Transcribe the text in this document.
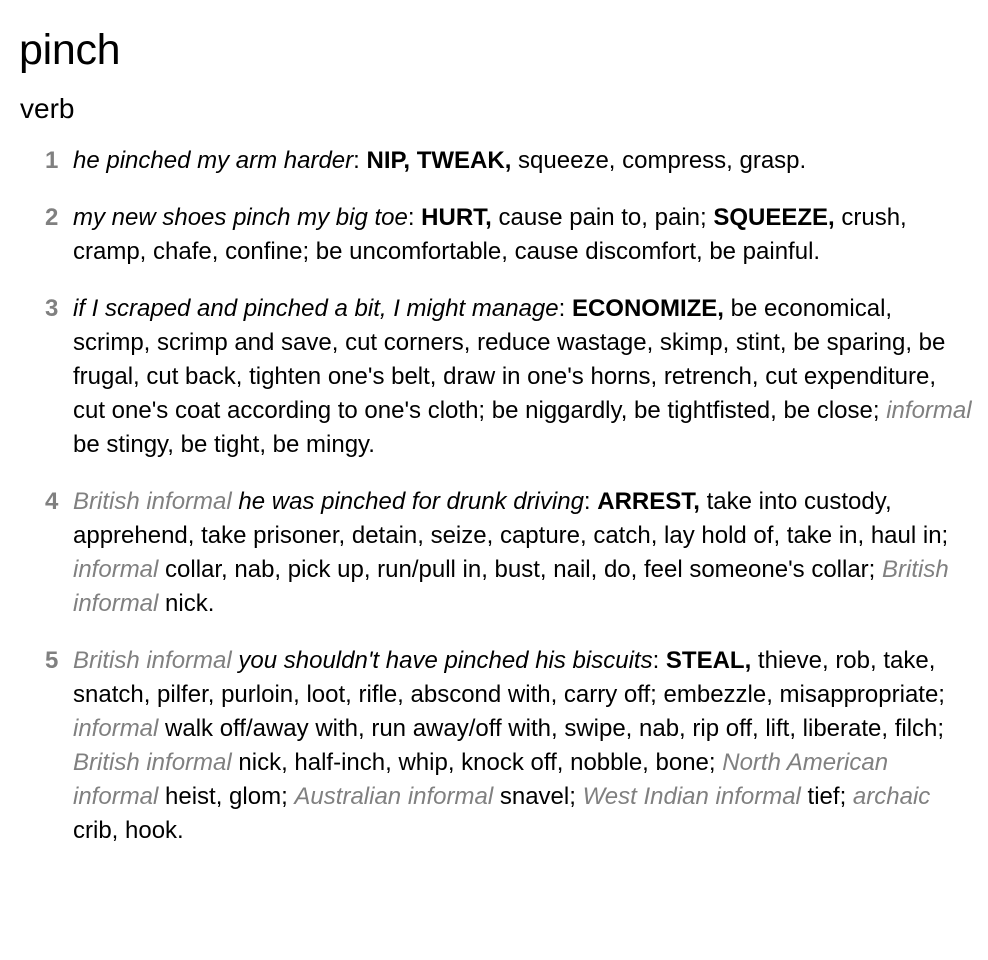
pinch
verb
1 he pinched my arm harder: NIP, TWEAK, squeeze, compress, grasp.
2 my new shoes pinch my big toe: HURT, cause pain to, pain; SQUEEZE, crush, cramp, chafe, confine; be uncomfortable, cause discomfort, be painful.
3 if I scraped and pinched a bit, I might manage: ECONOMIZE, be economical, scrimp, scrimp and save, cut corners, reduce wastage, skimp, stint, be sparing, be frugal, cut back, tighten one's belt, draw in one's horns, retrench, cut expenditure, cut one's coat according to one's cloth; be niggardly, be tightfisted, be close; informal be stingy, be tight, be mingy.
4 British informal he was pinched for drunk driving: ARREST, take into custody, apprehend, take prisoner, detain, seize, capture, catch, lay hold of, take in, haul in; informal collar, nab, pick up, run/pull in, bust, nail, do, feel someone's collar; British informal nick.
5 British informal you shouldn't have pinched his biscuits: STEAL, thieve, rob, take, snatch, pilfer, purloin, loot, rifle, abscond with, carry off; embezzle, misappropriate; informal walk off/away with, run away/off with, swipe, nab, rip off, lift, liberate, filch; British informal nick, half-inch, whip, knock off, nobble, bone; North American informal heist, glom; Australian informal snavel; West Indian informal tief; archaic crib, hook.
